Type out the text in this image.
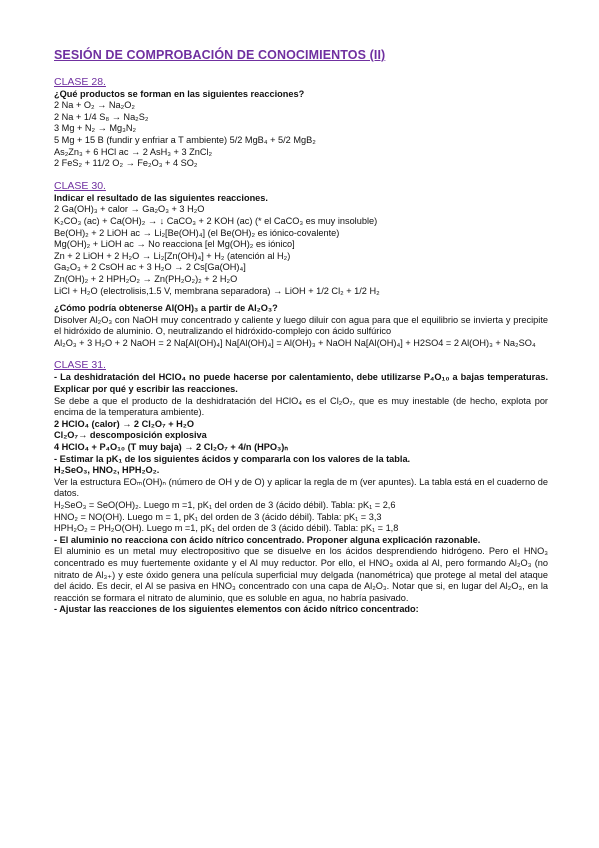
SESIÓN DE COMPROBACIÓN DE CONOCIMIENTOS (II)

CLASE 28.

¿Qué productos se forman en las siguientes reacciones?

2 Na + O₂ → Na₂O₂

2 Na + 1/4 S₈ → Na₂S₂

3 Mg + N₂ → Mg₃N₂

5 Mg + 15 B (fundir y enfriar a T ambiente) 5/2 MgB₄ + 5/2 MgB₂

As₂Zn₃ + 6 HCl ac → 2 AsH₃ + 3 ZnCl₂

2 FeS₂ + 11/2 O₂ → Fe₂O₃ + 4 SO₂

CLASE 30.

Indicar el resultado de las siguientes reacciones.

2 Ga(OH)₃ + calor → Ga₂O₃ + 3 H₂O

K₂CO₃ (ac) + Ca(OH)₂ → ↓ CaCO₃ + 2 KOH (ac) (* el CaCO₃ es muy insoluble)

Be(OH)₂ + 2 LiOH ac → Li₂[Be(OH)₄] (el Be(OH)₂ es iónico-covalente)

Mg(OH)₂ + LiOH ac → No reacciona [el Mg(OH)₂ es iónico]

Zn + 2 LiOH + 2 H₂O → Li₂[Zn(OH)₄] + H₂ (atención al H₂)

Ga₂O₃ + 2 CsOH ac + 3 H₂O → 2 Cs[Ga(OH)₄]

Zn(OH)₂ + 2 HPH₂O₂ → Zn(PH₂O₂)₂ + 2 H₂O

LiCl + H₂O (electrolisis,1.5 V, membrana separadora) → LiOH + 1/2 Cl₂ + 1/2 H₂

¿Cómo podría obtenerse Al(OH)₃ a partir de Al₂O₃?

Disolver Al₂O₃ con NaOH muy concentrado y caliente y luego diluir con agua para que el equilibrio se invierta y precipite el hidróxido de aluminio. O, neutralizando el hidróxido-complejo con ácido sulfúrico

Al₂O₃ + 3 H₂O + 2 NaOH = 2 Na[Al(OH)₄] Na[Al(OH)₄] = Al(OH)₃ + NaOH Na[Al(OH)₄] + H2SO4 = 2 Al(OH)₃ + Na₂SO₄

CLASE 31.

- La deshidratación del HClO₄ no puede hacerse por calentamiento, debe utilizarse P₄O₁₀ a bajas temperaturas. Explicar por qué y escribir las reacciones.

Se debe a que el producto de la deshidratación del HClO₄ es el Cl₂O₇, que es muy inestable (de hecho, explota por encima de la temperatura ambiente).

2 HClO₄ (calor) → 2 Cl₂O₇ + H₂O

Cl₂O₇→ descomposición explosiva

4 HClO₄ + P₄O₁₀ (T muy baja) → 2 Cl₂O₇ + 4/n (HPO₃)ₙ

- Estimar la pK₁ de los siguientes ácidos y compararla con los valores de la tabla.

H₂SeO₃, HNO₂, HPH₂O₂.

Ver la estructura EOₘ(OH)ₙ (número de OH y de O) y aplicar la regla de m (ver apuntes). La tabla está en el cuaderno de datos.

H₂SeO₃ = SeO(OH)₂. Luego m =1, pK₁ del orden de 3 (ácido débil). Tabla: pK₁ = 2,6

HNO₂ = NO(OH). Luego m = 1, pK₁ del orden de 3 (ácido débil). Tabla: pK₁ = 3,3

HPH₂O₂ = PH₂O(OH). Luego m =1, pK₁ del orden de 3 (ácido débil). Tabla: pK₁ = 1,8

- El aluminio no reacciona con ácido nítrico concentrado. Proponer alguna explicación razonable.

El aluminio es un metal muy electropositivo que se disuelve en los ácidos desprendiendo hidrógeno. Pero el HNO₃ concentrado es muy fuertemente oxidante y el Al muy reductor. Por ello, el HNO₃ oxida al Al, pero formando Al₂O₃ (no nitrato de Al₃₊) y este óxido genera una película superficial muy delgada (nanométrica) que protege al metal del ataque del ácido. Es decir, el Al se pasiva en HNO₃ concentrado con una capa de Al₂O₃. Notar que si, en lugar del Al₂O₃, en la reacción se formara el nitrato de aluminio, que es soluble en agua, no habría pasivado.

- Ajustar las reacciones de los siguientes elementos con ácido nítrico concentrado:
